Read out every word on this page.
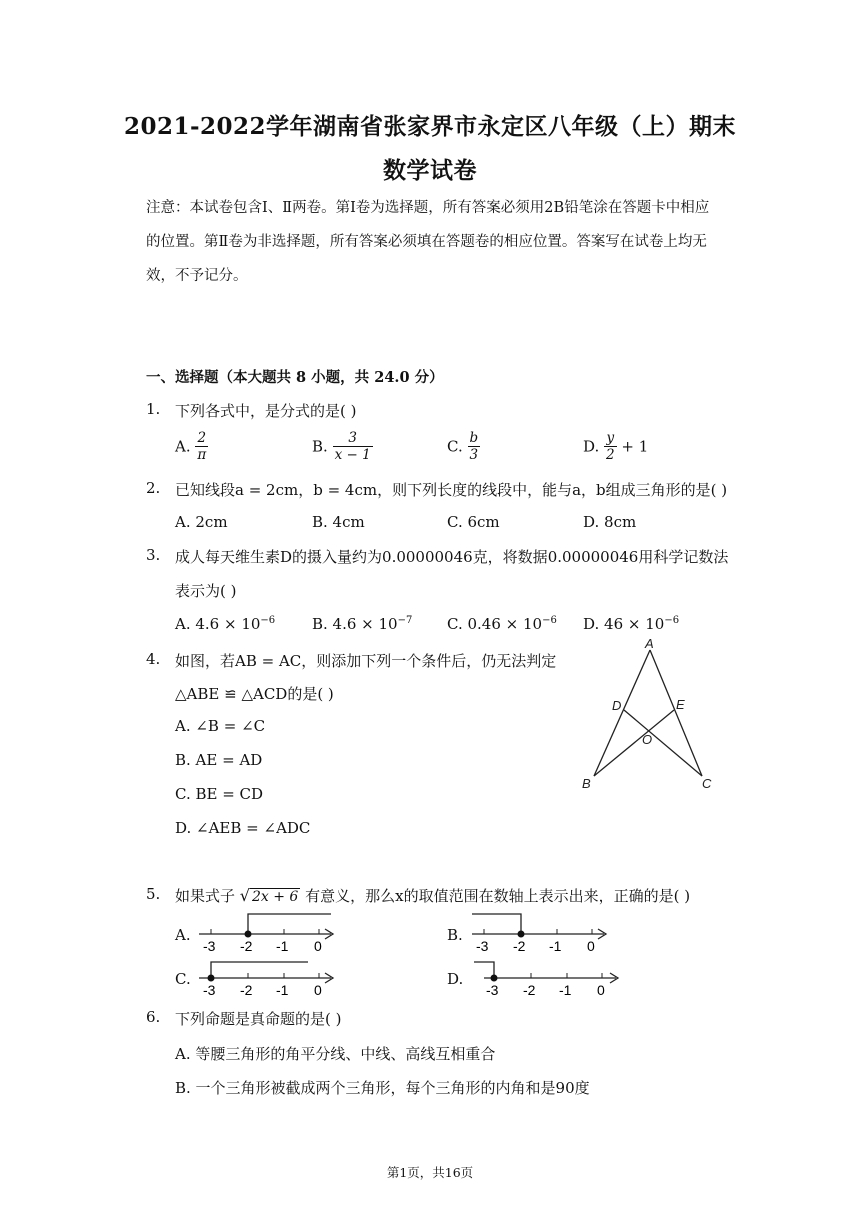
2021-2022学年湖南省张家界市永定区八年级（上）期末
数学试卷
注意：本试卷包含Ⅰ、Ⅱ两卷。第Ⅰ卷为选择题，所有答案必须用2B铅笔涂在答题卡中相应的位置。第Ⅱ卷为非选择题，所有答案必须填在答题卷的相应位置。答案写在试卷上均无效，不予记分。
一、选择题（本大题共 8 小题，共 24.0 分）
1. 下列各式中，是分式的是( )
A. $\frac{2}{\pi}$	B. $\frac{3}{x - 1}$	C. $\frac{b}{3}$	D. $\frac{y}{2} + 1$
2. 已知线段a = 2cm，b = 4cm，则下列长度的线段中，能与a，b组成三角形的是( )
A. 2cm	B. 4cm	C. 6cm	D. 8cm
3. 成人每天维生素D的摄入量约为0.00000046克，将数据0.00000046用科学记数法
表示为( )
A. $4.6 \times 10^{-6}$ B. $4.6 \times 10^{-7}$ C. $0.46 \times 10^{-6}$ D. $46 \times 10^{-6}$
4. 如图，若AB = AC，则添加下列一个条件后，仍无法判定
△ABE ≌ △ACD的是( )
A. ∠B = ∠C
B. AE = AD
C. BE = CD
D. ∠AEB = ∠ADC
A
B	C
D	E
O
5. 如果式子 √ 2x + 6 有意义，那么x的取值范围在数轴上表示出来，正确的是( )
A.
-3 -2 -1 0
B.
-3 -2 -1 0
C.
-3 -2 -1 0
D.
-3 -2 -1 0
6. 下列命题是真命题的是( )
A. 等腰三角形的角平分线、中线、高线互相重合
B. 一个三角形被截成两个三角形，每个三角形的内角和是90度
第1页，共16页
